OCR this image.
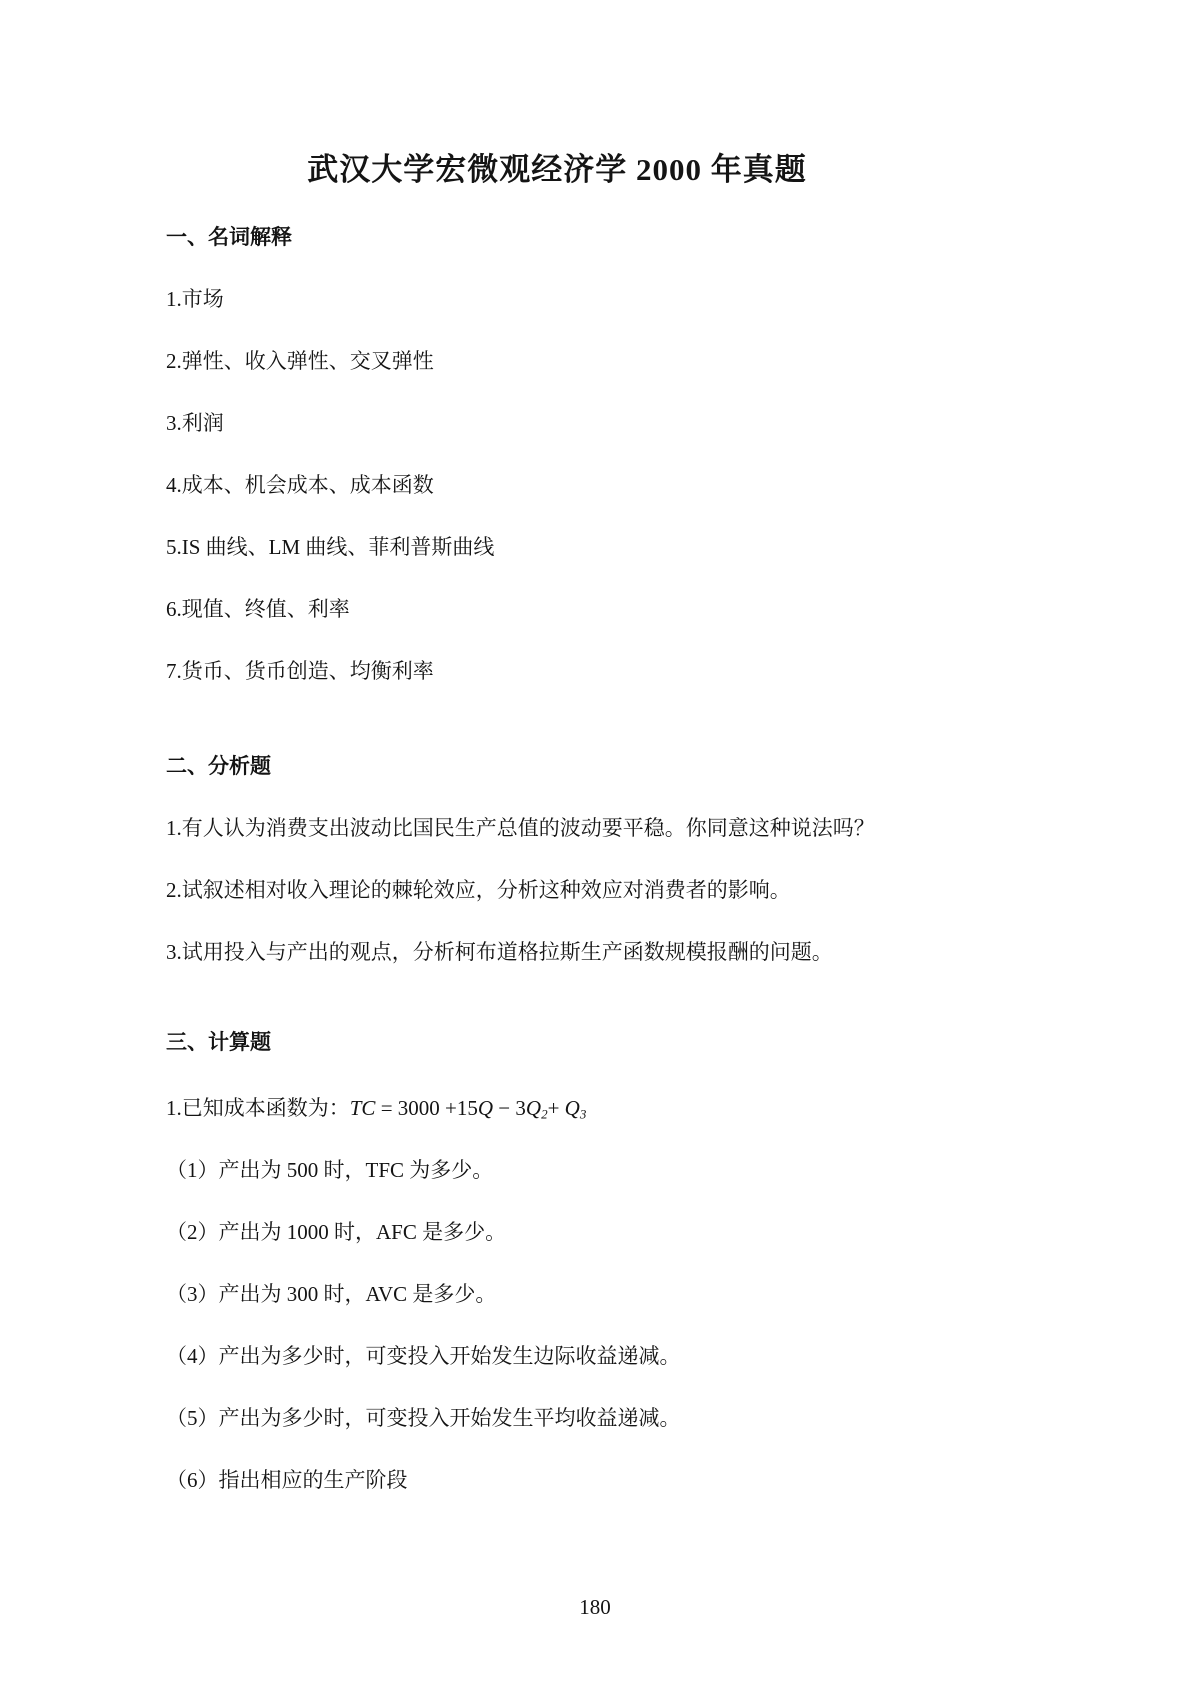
武汉大学宏微观经济学 2000 年真题
一、名词解释

1.市场

2.弹性、收入弹性、交叉弹性

3.利润

4.成本、机会成本、成本函数

5.IS 曲线、LM 曲线、菲利普斯曲线

6.现值、终值、利率

7.货币、货币创造、均衡利率

二、分析题

1.有人认为消费支出波动比国民生产总值的波动要平稳。你同意这种说法吗？

2.试叙述相对收入理论的棘轮效应，分析这种效应对消费者的影响。

3.试用投入与产出的观点，分析柯布道格拉斯生产函数规模报酬的问题。

三、计算题

1.已知成本函数为：TC = $3000 +15Q - 3Q_2+ Q_3$

（1）产出为 500 时，TFC 为多少。

（2）产出为 1000 时，AFC 是多少。

（3）产出为 300 时，AVC 是多少。

（4）产出为多少时，可变投入开始发生边际收益递减。

（5）产出为多少时，可变投入开始发生平均收益递减。

（6）指出相应的生产阶段

180
